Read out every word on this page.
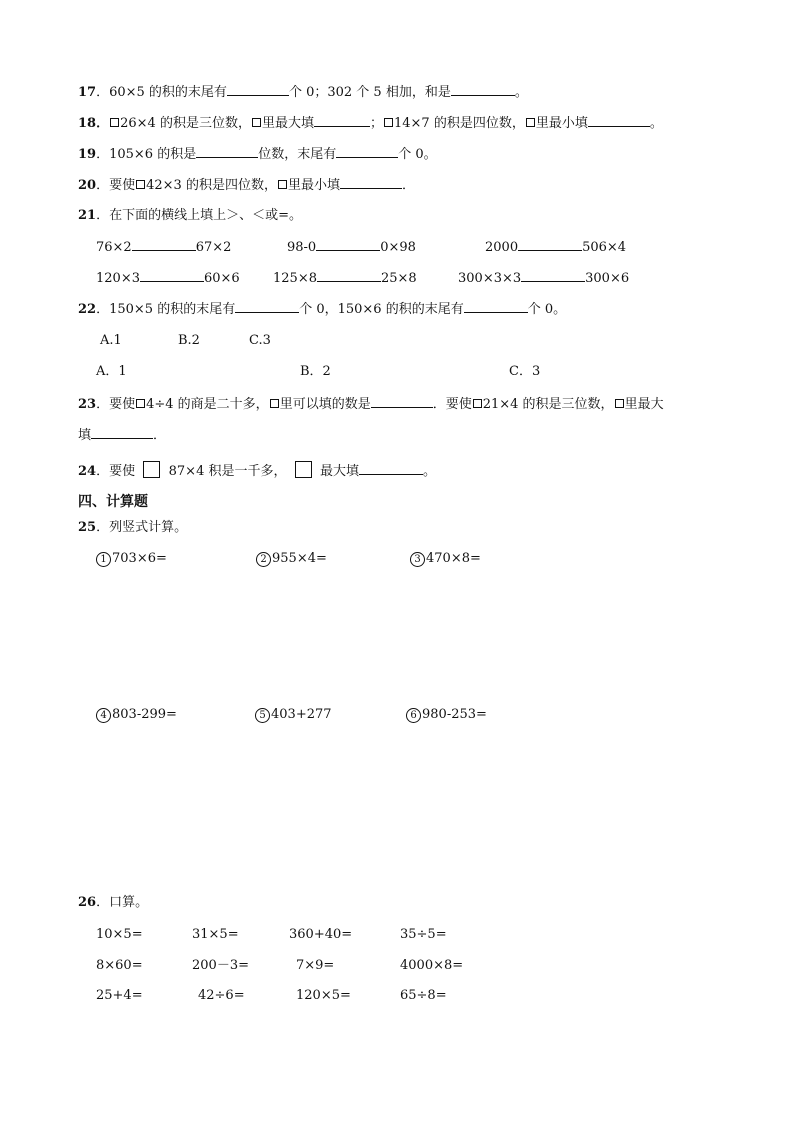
17．60×5 的积的末尾有	个 0；302 个 5 相加，和是	。
18． 26×4 的积是三位数， 里最大填	； 14×7 的积是四位数， 里最小填	。
19．105×6 的积是	位数，末尾有	个 0。
20．要使 42×3 的积是四位数， 里最小填	．
21．在下面的横线上填上＞、＜或=。
76×2	67×2	98-0	0×98	2000	506×4
120×3	60×6	125×8	25×8	300×3×3	300×6
22．150×5 的积的末尾有	个 0，150×6 的积的末尾有	个 0。
A.1	B.2	C.3
A．1	B．2	C．3
23．要使 4÷4 的商是二十多， 里可以填的数是	．要使 21×4 的积是三位数， 里最大
填	．
24．要使	87×4 积是一千多，	最大填	。
四、计算题
25．列竖式计算。
1 703×6=	2 955×4=	3 470×8=
4 803-299=	5 403+277	6 980-253=
26．口算。
10×5=	31×5=	360+40=	35÷5=
8×60=	200－3=	7×9=	4000×8=
25+4=	42÷6=	120×5=	65÷8=
